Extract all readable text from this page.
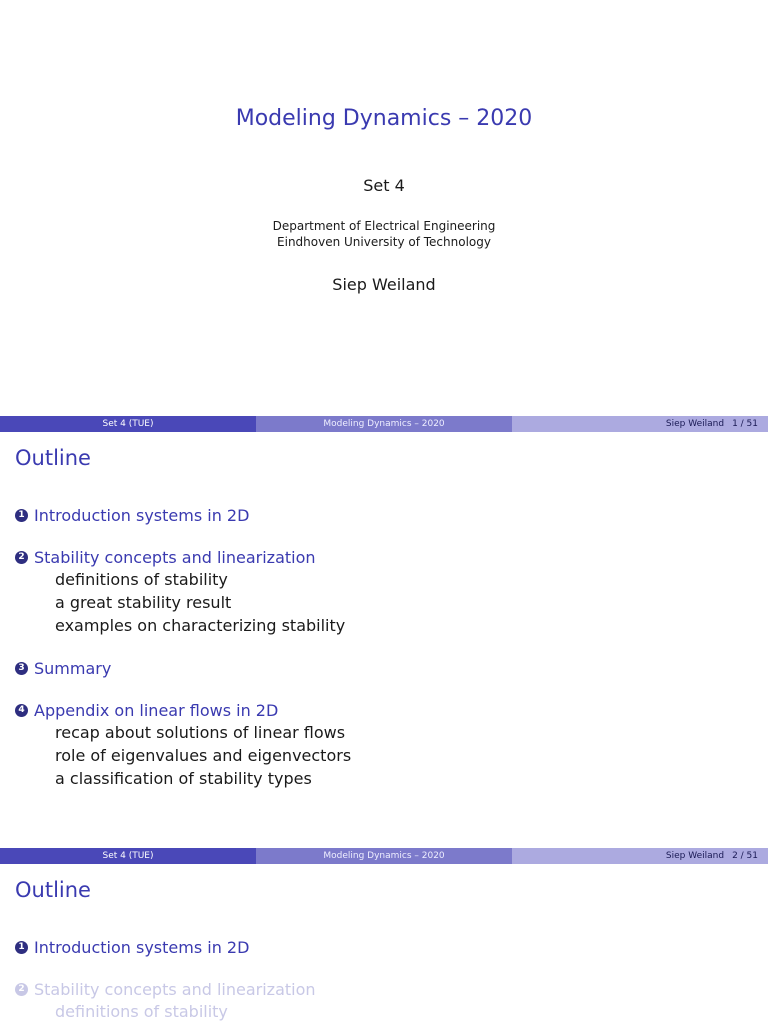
Modeling Dynamics – 2020
Set 4
Department of Electrical Engineering
Eindhoven University of Technology
Siep Weiland
Set 4 (TUE)	Modeling Dynamics – 2020	Siep Weiland 1 / 51
Outline
1 Introduction systems in 2D
2 Stability concepts and linearization
definitions of stability
a great stability result
examples on characterizing stability
3 Summary
4 Appendix on linear flows in 2D
recap about solutions of linear flows
role of eigenvalues and eigenvectors
a classification of stability types
Set 4 (TUE)	Modeling Dynamics – 2020	Siep Weiland 2 / 51
Outline
1 Introduction systems in 2D
2 Stability concepts and linearization
definitions of stability
